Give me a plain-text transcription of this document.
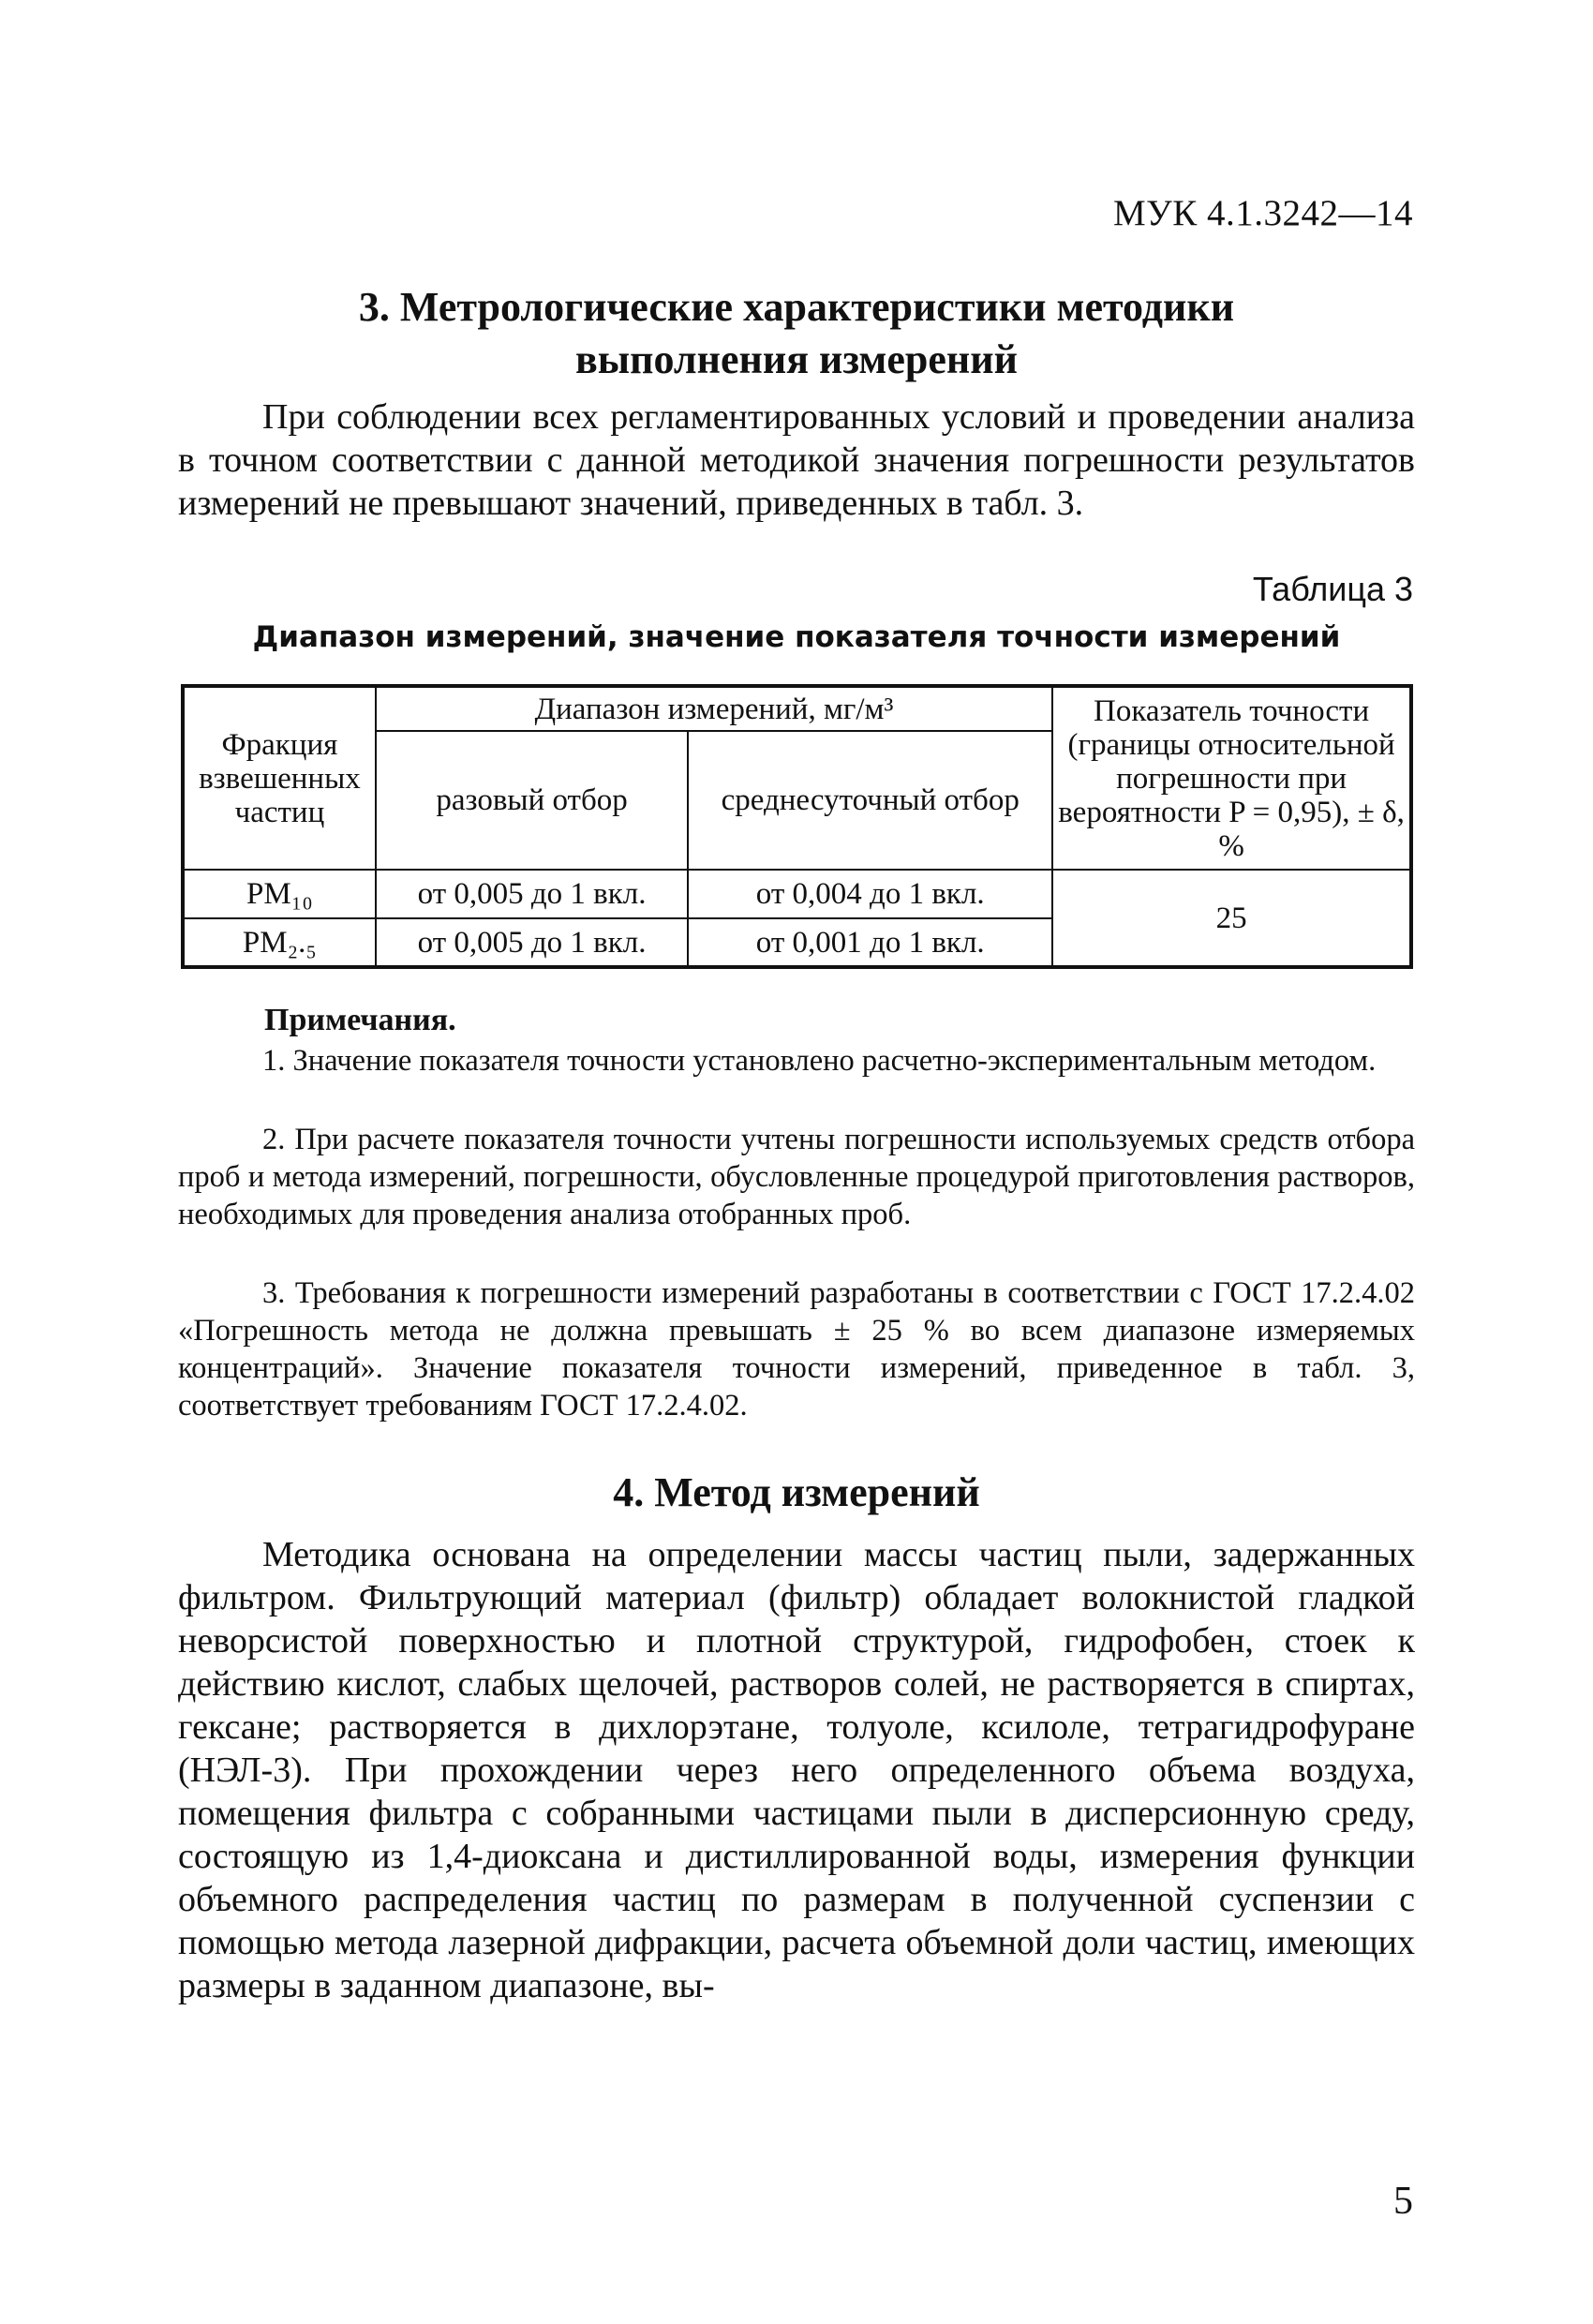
МУК 4.1.3242—14
3. Метрологические характеристики методики
выполнения измерений
При соблюдении всех регламентированных условий и проведении анализа в точном соответствии с данной методикой значения погрешности результатов измерений не превышают значений, приведенных в табл. 3.
Таблица 3
Диапазон измерений, значение показателя точности измерений
Фракция взвешенных частиц	Диапазон измерений, мг/м³		Показатель точности (границы относительной погрешности при вероятности P = 0,95), ± δ, %
	разовый отбор	среднесуточный отбор	
PM₁₀	от 0,005 до 1 вкл.	от 0,004 до 1 вкл.	25
PM₂.₅	от 0,005 до 1 вкл.	от 0,001 до 1 вкл.	
Примечания.
1. Значение показателя точности установлено расчетно-экспериментальным методом.
2. При расчете показателя точности учтены погрешности используемых средств отбора проб и метода измерений, погрешности, обусловленные процедурой приготовления растворов, необходимых для проведения анализа отобранных проб.
3. Требования к погрешности измерений разработаны в соответствии с ГОСТ 17.2.4.02 «Погрешность метода не должна превышать ± 25 % во всем диапазоне измеряемых концентраций». Значение показателя точности измерений, приведенное в табл. 3, соответствует требованиям ГОСТ 17.2.4.02.
4. Метод измерений
Методика основана на определении массы частиц пыли, задержанных фильтром. Фильтрующий материал (фильтр) обладает волокнистой гладкой неворсистой поверхностью и плотной структурой, гидрофобен, стоек к действию кислот, слабых щелочей, растворов солей, не растворяется в спиртах, гексане; растворяется в дихлорэтане, толуоле, ксилоле, тетрагидрофуране (НЭЛ-3). При прохождении через него определенного объема воздуха, помещения фильтра с собранными частицами пыли в дисперсионную среду, состоящую из 1,4-диоксана и дистиллированной воды, измерения функции объемного распределения частиц по размерам в полученной суспензии с помощью метода лазерной дифракции, расчета объемной доли частиц, имеющих размеры в заданном диапазоне, вы-
5
